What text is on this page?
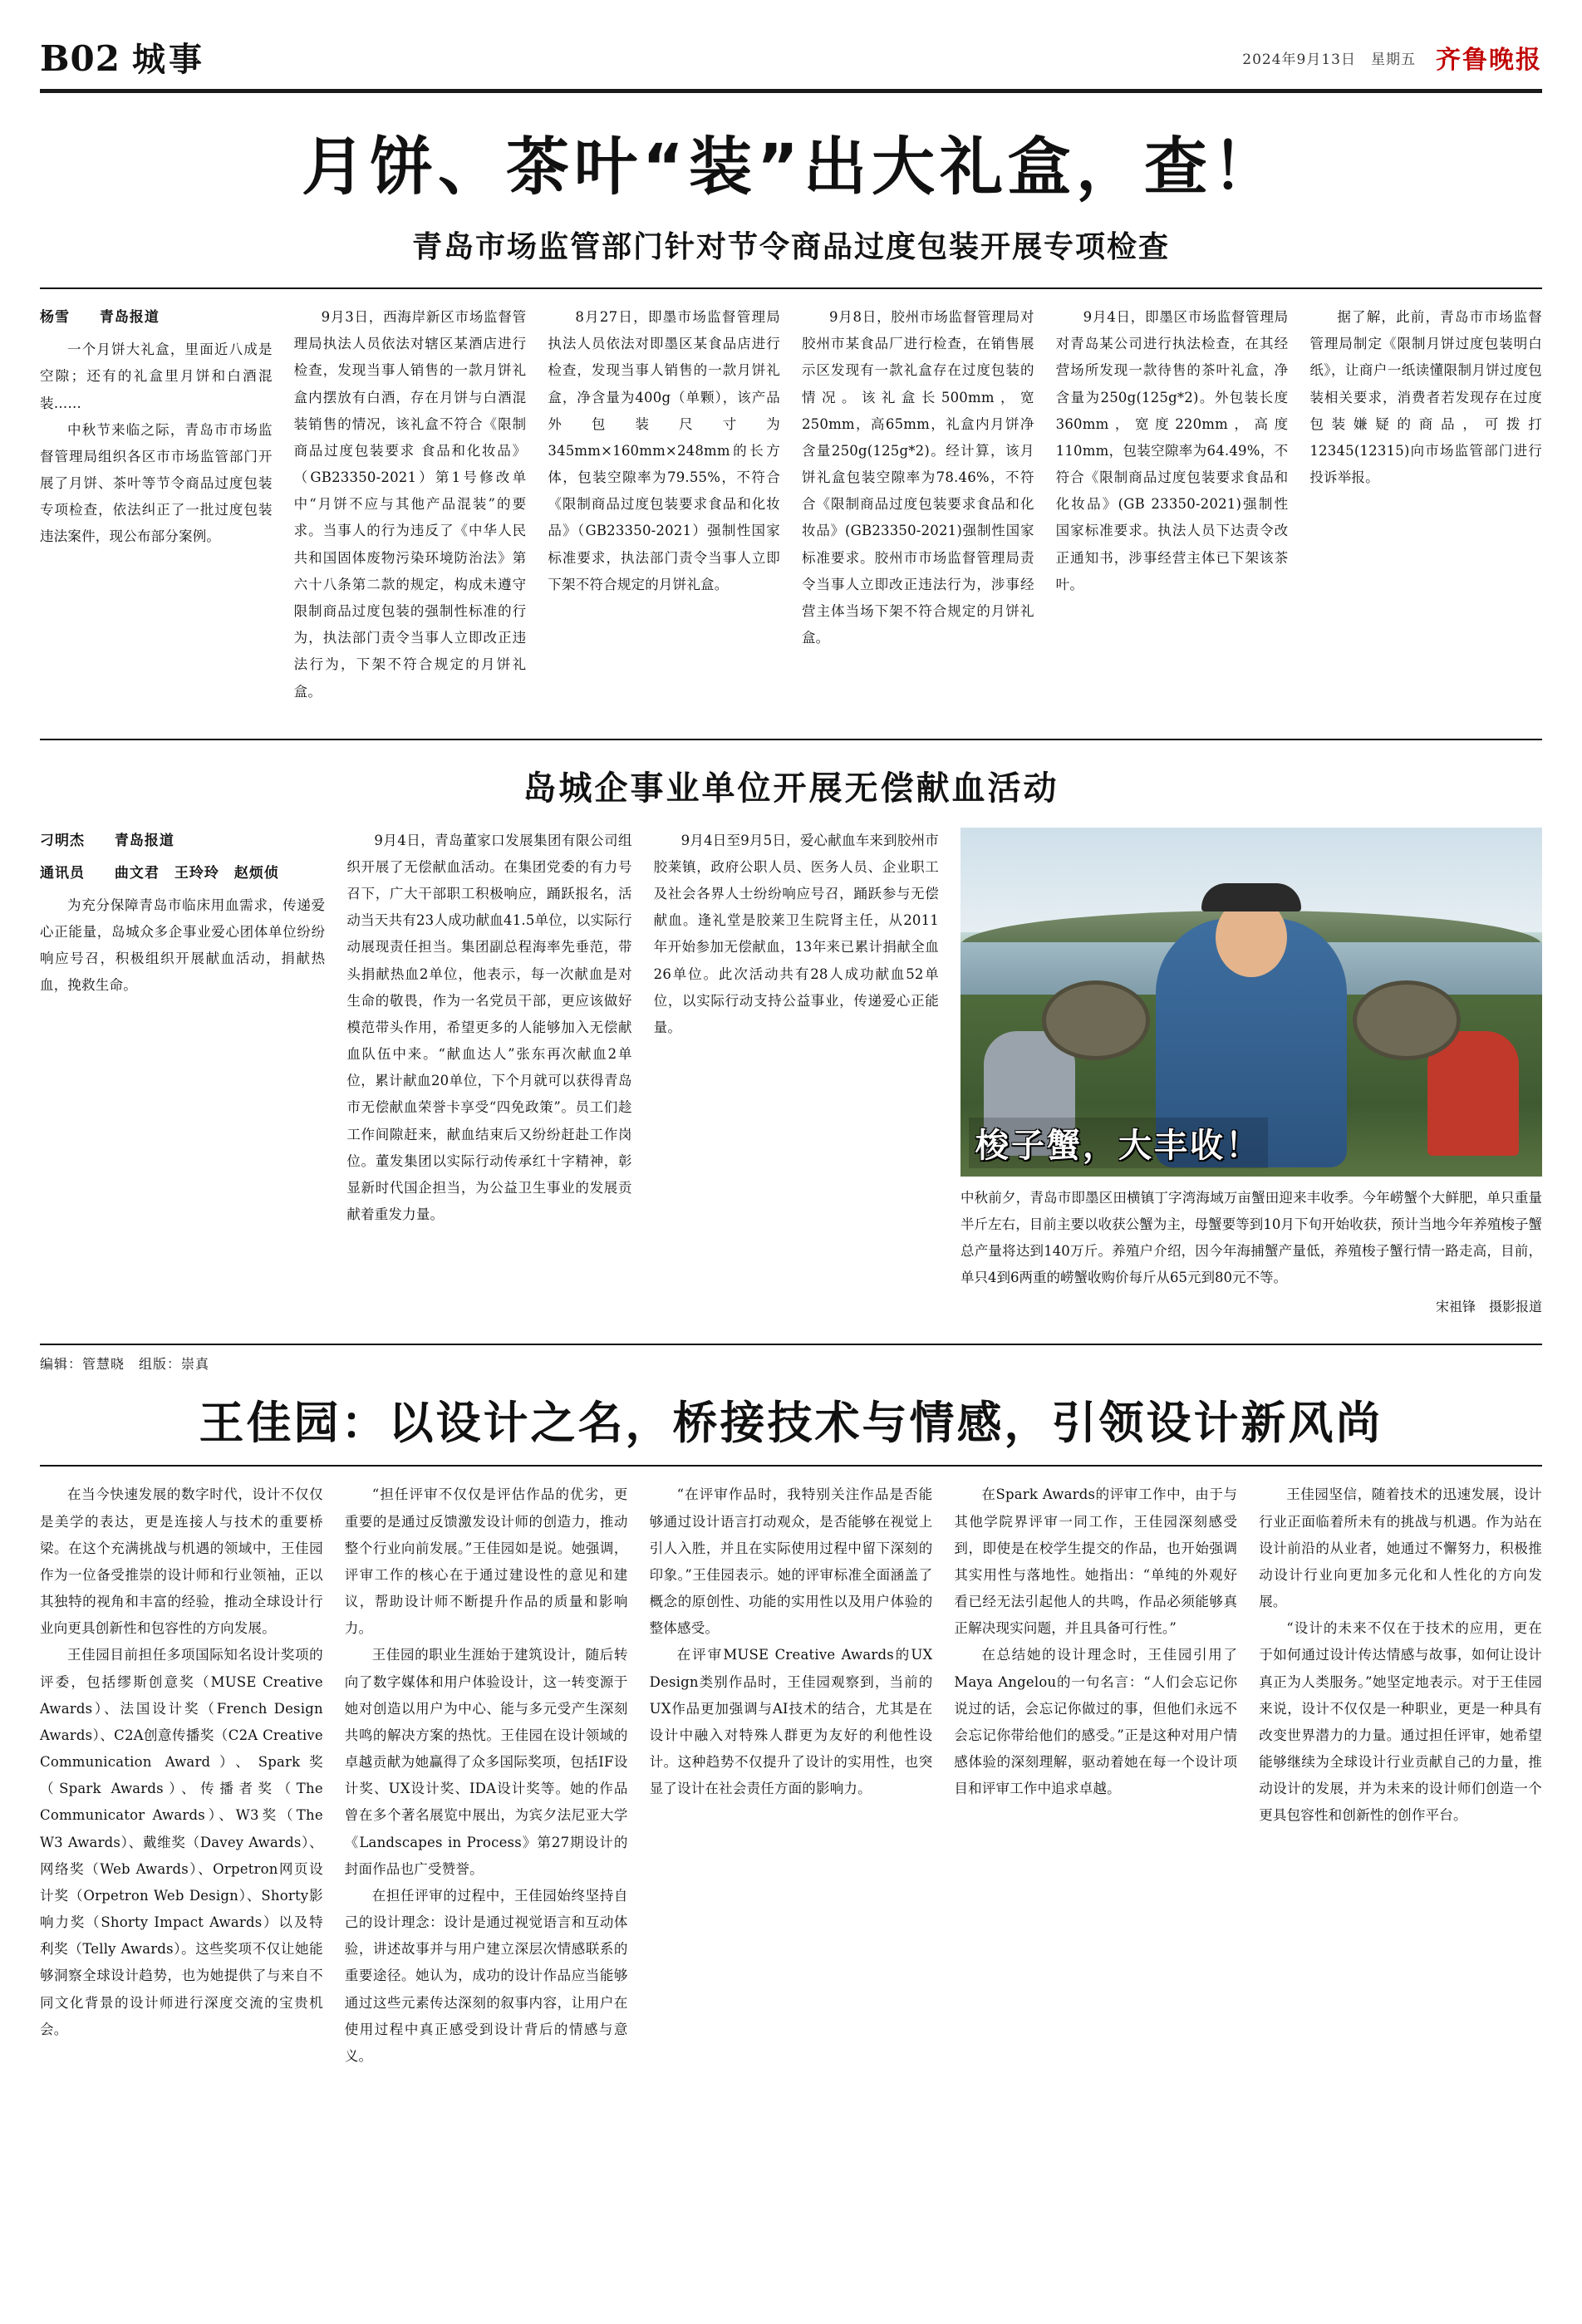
B02 城事	2024年9月13日　星期五 齐鲁晚报
月饼、茶叶“装”出大礼盒，查！
青岛市场监管部门针对节令商品过度包装开展专项检查
杨雪 青岛报道

一个月饼大礼盒，里面近八成是空隙；还有的礼盒里月饼和白酒混装……

中秋节来临之际，青岛市市场监督管理局组织各区市市场监管部门开展了月饼、茶叶等节令商品过度包装专项检查，依法纠正了一批过度包装违法案件，现公布部分案例。

9月3日，西海岸新区市场监督管理局执法人员依法对辖区某酒店进行检查，发现当事人销售的一款月饼礼盒内摆放有白酒，存在月饼与白酒混装销售的情况，该礼盒不符合《限制商品过度包装要求 食品和化妆品》（GB23350-2021）第1号修改单中“月饼不应与其他产品混装”的要求。当事人的行为违反了《中华人民共和国固体废物污染环境防治法》第六十八条第二款的规定，构成未遵守限制商品过度包装的强制性标准的行为，执法部门责令当事人立即改正违法行为，下架不符合规定的月饼礼盒。

8月27日，即墨市场监督管理局执法人员依法对即墨区某食品店进行检查，发现当事人销售的一款月饼礼盒，净含量为400g（单颗），该产品外包装尺寸为345mm×160mm×248mm的长方体，包装空隙率为79.55%，不符合《限制商品过度包装要求食品和化妆品》（GB23350-2021）强制性国家标准要求，执法部门责令当事人立即下架不符合规定的月饼礼盒。

9月8日，胶州市场监督管理局对胶州市某食品厂进行检查，在销售展示区发现有一款礼盒存在过度包装的情况。该礼盒长500mm，宽250mm，高65mm，礼盒内月饼净含量250g(125g*2)。经计算，该月饼礼盒包装空隙率为78.46%，不符合《限制商品过度包装要求食品和化妆品》(GB23350-2021)强制性国家标准要求。胶州市市场监督管理局责令当事人立即改正违法行为，涉事经营主体当场下架不符合规定的月饼礼盒。

9月4日，即墨区市场监督管理局对青岛某公司进行执法检查，在其经营场所发现一款待售的茶叶礼盒，净含量为250g(125g*2)。外包装长度360mm，宽度220mm，高度110mm，包装空隙率为64.49%，不符合《限制商品过度包装要求食品和化妆品》(GB 23350-2021)强制性国家标准要求。执法人员下达责令改正通知书，涉事经营主体已下架该茶叶。

据了解，此前，青岛市市场监督管理局制定《限制月饼过度包装明白纸》，让商户一纸读懂限制月饼过度包装相关要求，消费者若发现存在过度包装嫌疑的商品，可拨打12345(12315)向市场监管部门进行投诉举报。

岛城企事业单位开展无偿献血活动
刁明杰 青岛报道
通讯员 曲文君　王玲玲　赵烦侦

为充分保障青岛市临床用血需求，传递爱心正能量，岛城众多企事业爱心团体单位纷纷响应号召，积极组织开展献血活动，捐献热血，挽救生命。

9月4日，青岛董家口发展集团有限公司组织开展了无偿献血活动。在集团党委的有力号召下，广大干部职工积极响应，踊跃报名，活动当天共有23人成功献血41.5单位，以实际行动展现责任担当。集团副总程海率先垂范，带头捐献热血2单位，他表示，每一次献血是对生命的敬畏，作为一名党员干部，更应该做好模范带头作用，希望更多的人能够加入无偿献血队伍中来。“献血达人”张东再次献血2单位，累计献血20单位，下个月就可以获得青岛市无偿献血荣誉卡享受“四免政策”。员工们趁工作间隙赶来，献血结束后又纷纷赶赴工作岗位。董发集团以实际行动传承红十字精神，彰显新时代国企担当，为公益卫生事业的发展贡献着重发力量。

9月4日至9月5日，爱心献血车来到胶州市胶莱镇，政府公职人员、医务人员、企业职工及社会各界人士纷纷响应号召，踊跃参与无偿献血。逢礼堂是胶莱卫生院肾主任，从2011年开始参加无偿献血，13年来已累计捐献全血26单位。此次活动共有28人成功献血52单位，以实际行动支持公益事业，传递爱心正能量。

梭子蟹，大丰收！
中秋前夕，青岛市即墨区田横镇丁字湾海域万亩蟹田迎来丰收季。今年崂蟹个大鲜肥，单只重量半斤左右，目前主要以收获公蟹为主，母蟹要等到10月下旬开始收获，预计当地今年养殖梭子蟹总产量将达到140万斤。养殖户介绍，因今年海捕蟹产量低，养殖梭子蟹行情一路走高，目前，单只4到6两重的崂蟹收购价每斤从65元到80元不等。
宋祖锋　摄影报道
编辑：管慧晓　组版：崇真
王佳园：以设计之名，桥接技术与情感，引领设计新风尚

在当今快速发展的数字时代，设计不仅仅是美学的表达，更是连接人与技术的重要桥梁。在这个充满挑战与机遇的领域中，王佳园作为一位备受推崇的设计师和行业领袖，正以其独特的视角和丰富的经验，推动全球设计行业向更具创新性和包容性的方向发展。

王佳园目前担任多项国际知名设计奖项的评委，包括缪斯创意奖（MUSE Creative Awards）、法国设计奖（French Design Awards）、C2A创意传播奖（C2A Creative Communication Award）、Spark奖（Spark Awards）、传播者奖（The Communicator Awards）、W3奖（The W3 Awards）、戴维奖（Davey Awards）、网络奖（Web Awards）、Orpetron网页设计奖（Orpetron Web Design）、Shorty影响力奖（Shorty Impact Awards）以及特利奖（Telly Awards）。这些奖项不仅让她能够洞察全球设计趋势，也为她提供了与来自不同文化背景的设计师进行深度交流的宝贵机会。

“担任评审不仅仅是评估作品的优劣，更重要的是通过反馈激发设计师的创造力，推动整个行业向前发展。”王佳园如是说。她强调，评审工作的核心在于通过建设性的意见和建议，帮助设计师不断提升作品的质量和影响力。

王佳园的职业生涯始于建筑设计，随后转向了数字媒体和用户体验设计，这一转变源于她对创造以用户为中心、能与多元受产生深刻共鸣的解决方案的热忱。王佳园在设计领域的卓越贡献为她赢得了众多国际奖项，包括IF设计奖、UX设计奖、IDA设计奖等。她的作品曾在多个著名展览中展出，为宾夕法尼亚大学《Landscapes in Process》第27期设计的封面作品也广受赞誉。

在担任评审的过程中，王佳园始终坚持自己的设计理念：设计是通过视觉语言和互动体验，讲述故事并与用户建立深层次情感联系的重要途径。她认为，成功的设计作品应当能够通过这些元素传达深刻的叙事内容，让用户在使用过程中真正感受到设计背后的情感与意义。

“在评审作品时，我特别关注作品是否能够通过设计语言打动观众，是否能够在视觉上引人入胜，并且在实际使用过程中留下深刻的印象。”王佳园表示。她的评审标准全面涵盖了概念的原创性、功能的实用性以及用户体验的整体感受。

在评审MUSE Creative Awards的UX Design类别作品时，王佳园观察到，当前的UX作品更加强调与AI技术的结合，尤其是在设计中融入对特殊人群更为友好的利他性设计。这种趋势不仅提升了设计的实用性，也突显了设计在社会责任方面的影响力。

在Spark Awards的评审工作中，由于与其他学院界评审一同工作，王佳园深刻感受到，即使是在校学生提交的作品，也开始强调其实用性与落地性。她指出：“单纯的外观好看已经无法引起他人的共鸣，作品必须能够真正解决现实问题，并且具备可行性。”

在总结她的设计理念时，王佳园引用了Maya Angelou的一句名言：“人们会忘记你说过的话，会忘记你做过的事，但他们永远不会忘记你带给他们的感受。”正是这种对用户情感体验的深刻理解，驱动着她在每一个设计项目和评审工作中追求卓越。

王佳园坚信，随着技术的迅速发展，设计行业正面临着所未有的挑战与机遇。作为站在设计前沿的从业者，她通过不懈努力，积极推动设计行业向更加多元化和人性化的方向发展。

“设计的未来不仅在于技术的应用，更在于如何通过设计传达情感与故事，如何让设计真正为人类服务。”她坚定地表示。对于王佳园来说，设计不仅仅是一种职业，更是一种具有改变世界潜力的力量。通过担任评审，她希望能够继续为全球设计行业贡献自己的力量，推动设计的发展，并为未来的设计师们创造一个更具包容性和创新性的创作平台。
